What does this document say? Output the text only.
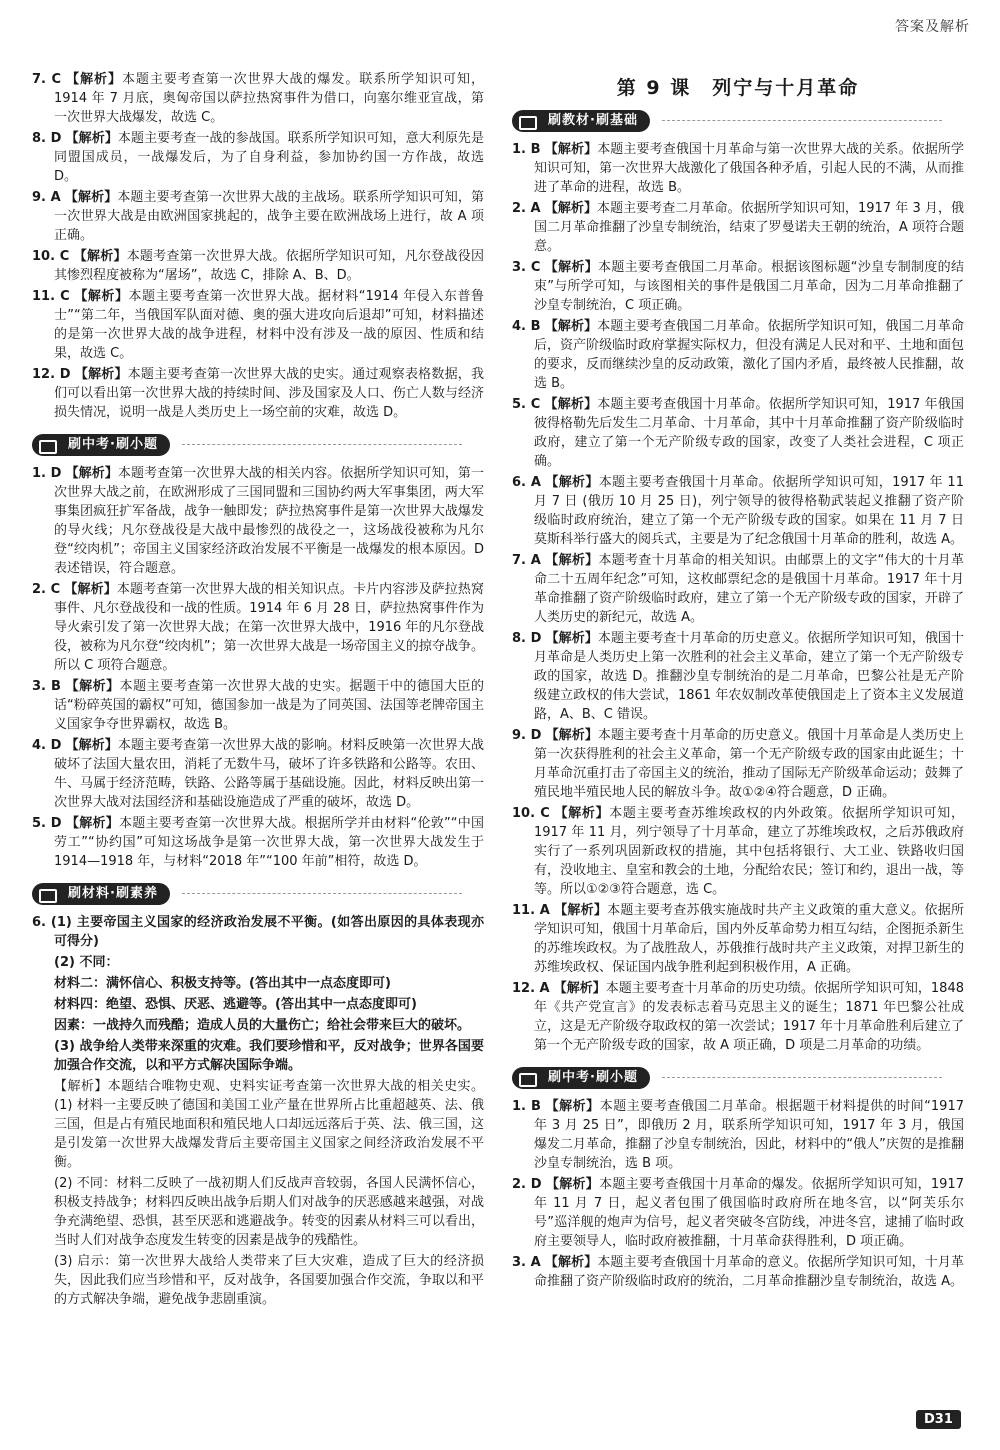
答案及解析

7. C 【解析】本题主要考查第一次世界大战的爆发。联系所学知识可知，1914 年 7 月底，奥匈帝国以萨拉热窝事件为借口，向塞尔维亚宣战，第一次世界大战爆发，故选 C。

8. D 【解析】本题主要考查一战的参战国。联系所学知识可知，意大利原先是同盟国成员，一战爆发后，为了自身利益，参加协约国一方作战，故选 D。

9. A 【解析】本题主要考查第一次世界大战的主战场。联系所学知识可知，第一次世界大战是由欧洲国家挑起的，战争主要在欧洲战场上进行，故 A 项正确。

10. C 【解析】本题考查第一次世界大战。依据所学知识可知，凡尔登战役因其惨烈程度被称为“屠场”，故选 C，排除 A、B、D。

11. C 【解析】本题主要考查第一次世界大战。据材料“1914 年侵入东普鲁士”“第二年，当俄国军队面对德、奥的强大进攻向后退却”可知，材料描述的是第一次世界大战的战争进程，材料中没有涉及一战的原因、性质和结果，故选 C。

12. D 【解析】本题主要考查第一次世界大战的史实。通过观察表格数据，我们可以看出第一次世界大战的持续时间、涉及国家及人口、伤亡人数与经济损失情况，说明一战是人类历史上一场空前的灾难，故选 D。

刷中考·刷小题

1. D 【解析】本题考查第一次世界大战的相关内容。依据所学知识可知，第一次世界大战之前，在欧洲形成了三国同盟和三国协约两大军事集团，两大军事集团疯狂扩军备战，战争一触即发；萨拉热窝事件是第一次世界大战爆发的导火线；凡尔登战役是大战中最惨烈的战役之一，这场战役被称为凡尔登“绞肉机”；帝国主义国家经济政治发展不平衡是一战爆发的根本原因。D 表述错误，符合题意。

2. C 【解析】本题考查第一次世界大战的相关知识点。卡片内容涉及萨拉热窝事件、凡尔登战役和一战的性质。1914 年 6 月 28 日，萨拉热窝事件作为导火索引发了第一次世界大战；在第一次世界大战中，1916 年的凡尔登战役，被称为凡尔登“绞肉机”；第一次世界大战是一场帝国主义的掠夺战争。所以 C 项符合题意。

3. B 【解析】本题主要考查第一次世界大战的史实。据题干中的德国大臣的话“粉碎英国的霸权”可知，德国参加一战是为了同英国、法国等老牌帝国主义国家争夺世界霸权，故选 B。

4. D 【解析】本题主要考查第一次世界大战的影响。材料反映第一次世界大战破坏了法国大量农田，消耗了无数牛马，破坏了许多铁路和公路等。农田、牛、马属于经济范畴，铁路、公路等属于基础设施。因此，材料反映出第一次世界大战对法国经济和基础设施造成了严重的破坏，故选 D。

5. D 【解析】本题主要考查第一次世界大战。根据所学并由材料“伦敦”“中国劳工”“协约国”可知这场战争是第一次世界大战，第一次世界大战发生于 1914—1918 年，与材料“2018 年”“100 年前”相符，故选 D。

刷材料·刷素养

6. (1) 主要帝国主义国家的经济政治发展不平衡。(如答出原因的具体表现亦可得分)

(2) 不同：

材料二：满怀信心、积极支持等。(答出其中一点态度即可)

材料四：绝望、恐惧、厌恶、逃避等。(答出其中一点态度即可)

因素：一战持久而残酷；造成人员的大量伤亡；给社会带来巨大的破坏。

(3) 战争给人类带来深重的灾难。我们要珍惜和平，反对战争；世界各国要加强合作交流，以和平方式解决国际争端。

【解析】本题结合唯物史观、史料实证考查第一次世界大战的相关史实。(1) 材料一主要反映了德国和美国工业产量在世界所占比重超越英、法、俄三国，但是占有殖民地面积和殖民地人口却远远落后于英、法、俄三国，这是引发第一次世界大战爆发背后主要帝国主义国家之间经济政治发展不平衡。

(2) 不同：材料二反映了一战初期人们反战声音较弱，各国人民满怀信心，积极支持战争；材料四反映出战争后期人们对战争的厌恶感越来越强，对战争充满绝望、恐惧，甚至厌恶和逃避战争。转变的因素从材料三可以看出，当时人们对战争态度发生转变的因素是战争的残酷性。

(3) 启示：第一次世界大战给人类带来了巨大灾难，造成了巨大的经济损失，因此我们应当珍惜和平，反对战争，各国要加强合作交流，争取以和平的方式解决争端，避免战争悲剧重演。

第 9 课　列宁与十月革命
刷教材·刷基础

1. B 【解析】本题主要考查俄国十月革命与第一次世界大战的关系。依据所学知识可知，第一次世界大战激化了俄国各种矛盾，引起人民的不满，从而推进了革命的进程，故选 B。

2. A 【解析】本题主要考查二月革命。依据所学知识可知，1917 年 3 月，俄国二月革命推翻了沙皇专制统治，结束了罗曼诺夫王朝的统治，A 项符合题意。

3. C 【解析】本题主要考查俄国二月革命。根据该图标题“沙皇专制制度的结束”与所学可知，与该图相关的事件是俄国二月革命，因为二月革命推翻了沙皇专制统治，C 项正确。

4. B 【解析】本题主要考查俄国二月革命。依据所学知识可知，俄国二月革命后，资产阶级临时政府掌握实际权力，但没有满足人民对和平、土地和面包的要求，反而继续沙皇的反动政策，激化了国内矛盾，最终被人民推翻，故选 B。

5. C 【解析】本题主要考查俄国十月革命。依据所学知识可知，1917 年俄国彼得格勒先后发生二月革命、十月革命，其中十月革命推翻了资产阶级临时政府，建立了第一个无产阶级专政的国家，改变了人类社会进程，C 项正确。

6. A 【解析】本题主要考查俄国十月革命。依据所学知识可知，1917 年 11 月 7 日 (俄历 10 月 25 日)，列宁领导的彼得格勒武装起义推翻了资产阶级临时政府统治，建立了第一个无产阶级专政的国家。如果在 11 月 7 日莫斯科举行盛大的阅兵式，主要是为了纪念俄国十月革命的胜利，故选 A。

7. A 【解析】本题考查十月革命的相关知识。由邮票上的文字“伟大的十月革命二十五周年纪念”可知，这枚邮票纪念的是俄国十月革命。1917 年十月革命推翻了资产阶级临时政府，建立了第一个无产阶级专政的国家，开辟了人类历史的新纪元，故选 A。

8. D 【解析】本题主要考查十月革命的历史意义。依据所学知识可知，俄国十月革命是人类历史上第一次胜利的社会主义革命，建立了第一个无产阶级专政的国家，故选 D。推翻沙皇专制统治的是二月革命，巴黎公社是无产阶级建立政权的伟大尝试，1861 年农奴制改革使俄国走上了资本主义发展道路，A、B、C 错误。

9. D 【解析】本题主要考查十月革命的历史意义。俄国十月革命是人类历史上第一次获得胜利的社会主义革命，第一个无产阶级专政的国家由此诞生；十月革命沉重打击了帝国主义的统治，推动了国际无产阶级革命运动；鼓舞了殖民地半殖民地人民的解放斗争。故①②④符合题意，D 正确。

10. C 【解析】本题主要考查苏维埃政权的内外政策。依据所学知识可知，1917 年 11 月，列宁领导了十月革命，建立了苏维埃政权，之后苏俄政府实行了一系列巩固新政权的措施，其中包括将银行、大工业、铁路收归国有，没收地主、皇室和教会的土地，分配给农民；签订和约，退出一战，等等。所以①②③符合题意，选 C。

11. A 【解析】本题主要考查苏俄实施战时共产主义政策的重大意义。依据所学知识可知，俄国十月革命后，国内外反革命势力相互勾结，企图扼杀新生的苏维埃政权。为了战胜敌人，苏俄推行战时共产主义政策，对捍卫新生的苏维埃政权、保证国内战争胜利起到积极作用，A 正确。

12. A 【解析】本题主要考查十月革命的历史功绩。依据所学知识可知，1848 年《共产党宣言》的发表标志着马克思主义的诞生；1871 年巴黎公社成立，这是无产阶级夺取政权的第一次尝试；1917 年十月革命胜利后建立了第一个无产阶级专政的国家，故 A 项正确，D 项是二月革命的功绩。

刷中考·刷小题

1. B 【解析】本题主要考查俄国二月革命。根据题干材料提供的时间“1917 年 3 月 25 日”，即俄历 2 月，联系所学知识可知，1917 年 3 月，俄国爆发二月革命，推翻了沙皇专制统治，因此，材料中的“俄人”庆贺的是推翻沙皇专制统治，选 B 项。

2. D 【解析】本题主要考查俄国十月革命的爆发。依据所学知识可知，1917 年 11 月 7 日，起义者包围了俄国临时政府所在地冬宫，以“阿芙乐尔号”巡洋舰的炮声为信号，起义者突破冬宫防线，冲进冬宫，逮捕了临时政府主要领导人，临时政府被推翻，十月革命获得胜利，D 项正确。

3. A 【解析】本题主要考查俄国十月革命的意义。依据所学知识可知，十月革命推翻了资产阶级临时政府的统治，二月革命推翻沙皇专制统治，故选 A。

D31
